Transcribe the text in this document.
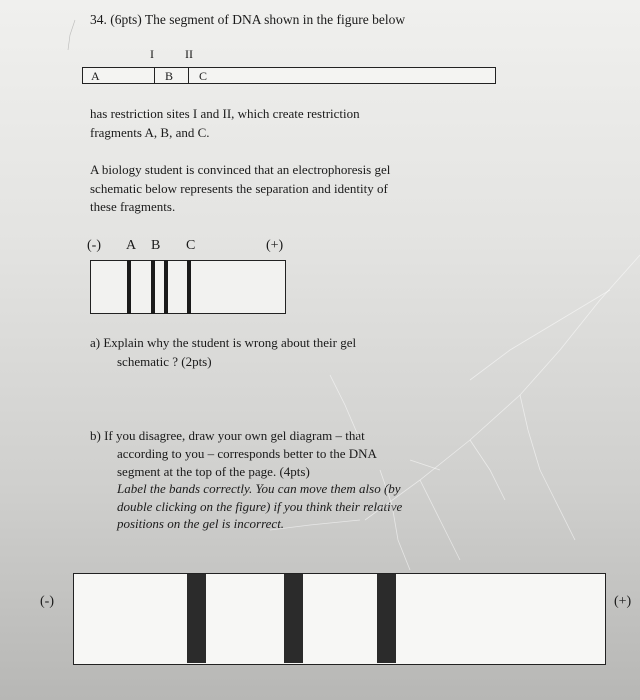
34. (6pts) The segment of DNA shown in the figure below
I	II
A	B C
has restriction sites I and II, which create restriction
fragments A, B, and C.
A biology student is convinced that an electrophoresis gel
schematic below represents the separation and identity of
these fragments.
(-) A B C	(+)
a) Explain why the student is wrong about their gel
schematic ? (2pts)
b) If you disagree, draw your own gel diagram – that
according to you – corresponds better to the DNA
segment at the top of the page. (4pts)
Label the bands correctly. You can move them also (by
double clicking on the figure) if you think their relative
positions on the gel is incorrect.
(-)	(+)
